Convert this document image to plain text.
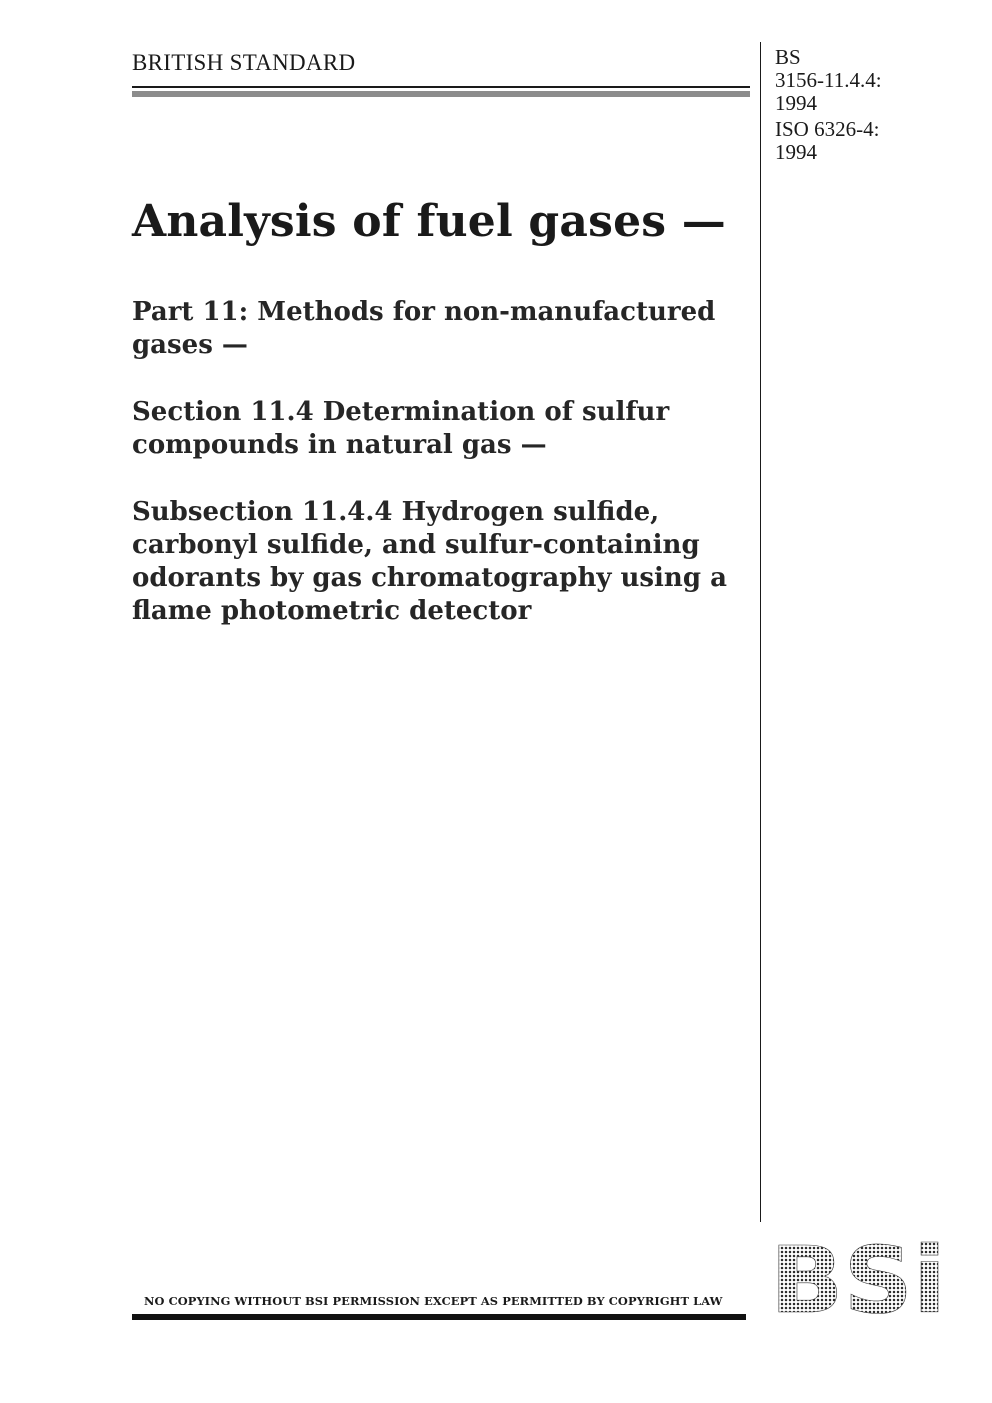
BRITISH STANDARD	BS
3156-11.4.4:
1994
ISO 6326-4:
1994
Analysis of fuel gases —
Part 11: Methods for non-manufactured gases —
Section 11.4 Determination of sulfur compounds in natural gas —
Subsection 11.4.4 Hydrogen sulfide, carbonyl sulfide, and sulfur-containing odorants by gas chromatography using a flame photometric detector

NO COPYING WITHOUT BSI PERMISSION EXCEPT AS PERMITTED BY COPYRIGHT LAW BSi
